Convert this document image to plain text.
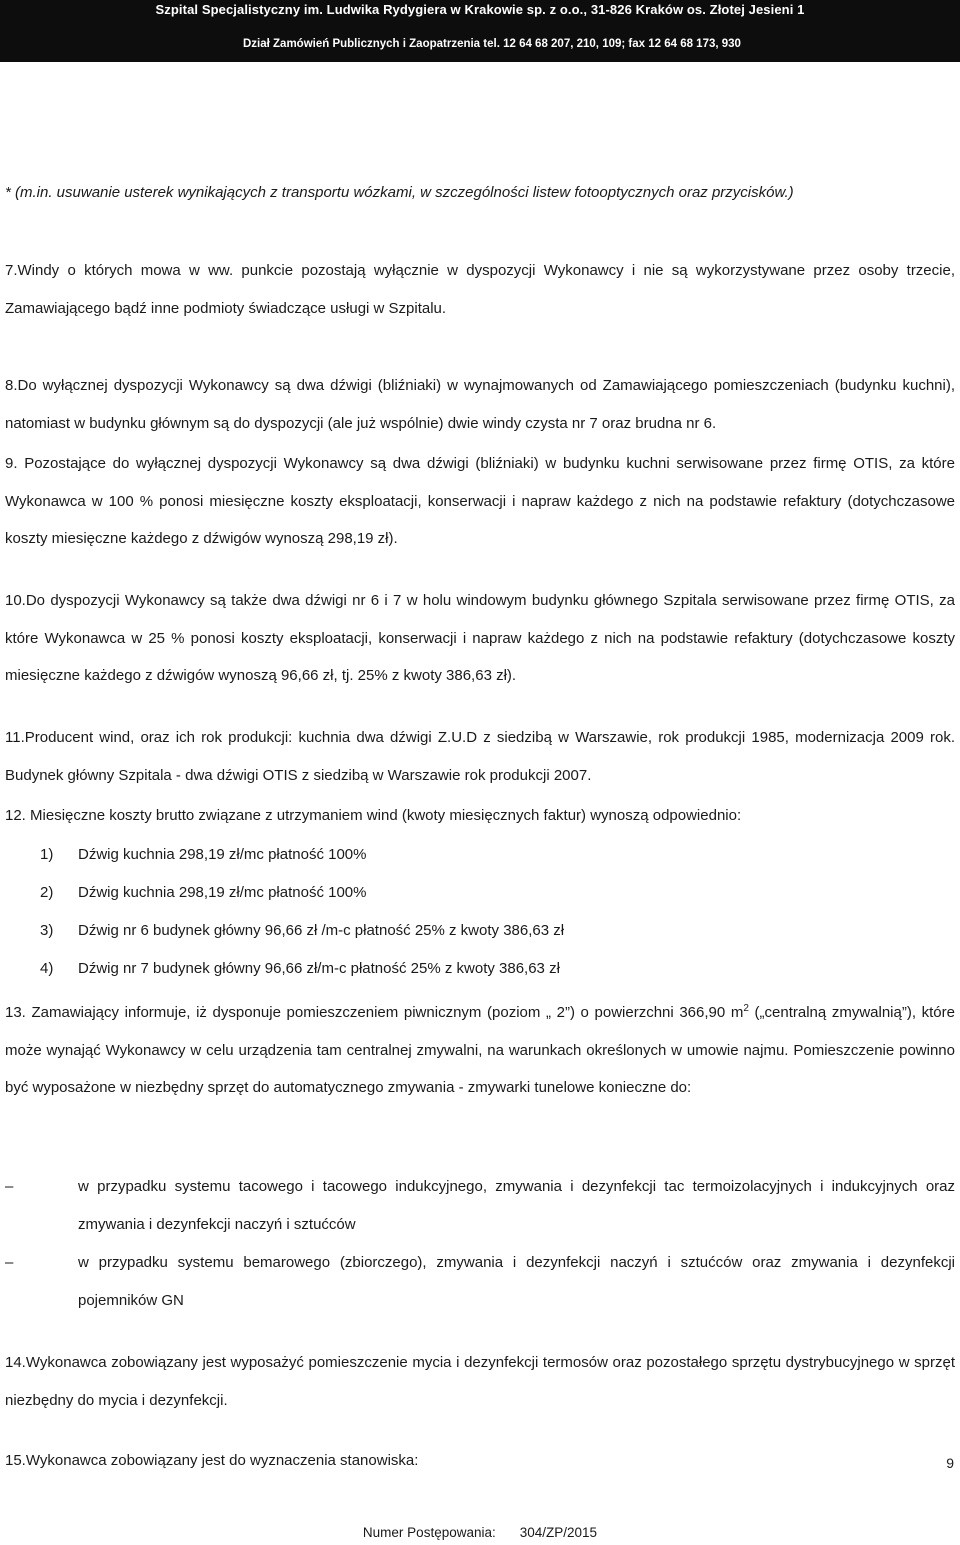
Szpital Specjalistyczny im. Ludwika Rydygiera w Krakowie sp. z o.o., 31-826 Kraków os. Złotej Jesieni 1
Dział Zamówień Publicznych i Zaopatrzenia tel. 12 64 68 207, 210, 109; fax 12 64 68 173, 930

* (m.in. usuwanie usterek wynikających z transportu wózkami, w szczególności listew fotooptycznych oraz przycisków.)

7.Windy o których mowa w ww. punkcie pozostają wyłącznie w dyspozycji Wykonawcy i nie są wykorzystywane przez osoby trzecie, Zamawiającego bądź inne podmioty świadczące usługi w Szpitalu.

8.Do wyłącznej dyspozycji Wykonawcy są dwa dźwigi (bliźniaki) w wynajmowanych od Zamawiającego pomieszczeniach (budynku kuchni), natomiast w budynku głównym są do dyspozycji (ale już wspólnie) dwie windy czysta nr 7 oraz brudna nr 6.

9. Pozostające do wyłącznej dyspozycji Wykonawcy są dwa dźwigi (bliźniaki) w budynku kuchni serwisowane przez firmę OTIS, za które Wykonawca w 100 % ponosi miesięczne koszty eksploatacji, konserwacji i napraw każdego z nich na podstawie refaktury (dotychczasowe koszty miesięczne każdego z dźwigów wynoszą 298,19 zł).

10.Do dyspozycji Wykonawcy są także dwa dźwigi nr 6 i 7 w holu windowym budynku głównego Szpitala serwisowane przez firmę OTIS, za które Wykonawca w 25 % ponosi koszty eksploatacji, konserwacji i napraw każdego z nich na podstawie refaktury (dotychczasowe koszty miesięczne każdego z dźwigów wynoszą 96,66 zł, tj. 25% z kwoty 386,63 zł).

11.Producent wind, oraz ich rok produkcji: kuchnia dwa dźwigi Z.U.D z siedzibą w Warszawie, rok produkcji 1985, modernizacja 2009 rok. Budynek główny Szpitala - dwa dźwigi OTIS z siedzibą w Warszawie rok produkcji 2007.

12. Miesięczne koszty brutto związane z utrzymaniem wind (kwoty miesięcznych faktur) wynoszą odpowiednio:

1) Dźwig kuchnia 298,19 zł/mc płatność 100%
2) Dźwig kuchnia 298,19 zł/mc płatność 100%
3) Dźwig nr 6 budynek główny 96,66 zł /m-c płatność 25% z kwoty 386,63 zł
4) Dźwig nr 7 budynek główny 96,66 zł/m-c płatność 25% z kwoty 386,63 zł

13. Zamawiający informuje, iż dysponuje pomieszczeniem piwnicznym (poziom „ 2”) o powierzchni 366,90 $m^2$ („centralną zmywalnią”), które może wynająć Wykonawcy w celu urządzenia tam centralnej zmywalni, na warunkach określonych w umowie najmu. Pomieszczenie powinno być wyposażone w niezbędny sprzęt do automatycznego zmywania - zmywarki tunelowe konieczne do:

–	w przypadku systemu tacowego i tacowego indukcyjnego, zmywania i dezynfekcji tac termoizolacyjnych i indukcyjnych oraz zmywania i dezynfekcji naczyń i sztućców

–	w przypadku systemu bemarowego (zbiorczego), zmywania i dezynfekcji naczyń i sztućców oraz zmywania i dezynfekcji pojemników GN

14.Wykonawca zobowiązany jest wyposażyć pomieszczenie mycia i dezynfekcji termosów oraz pozostałego sprzętu dystrybucyjnego w sprzęt niezbędny do mycia i dezynfekcji.

15.Wykonawca zobowiązany jest do wyznaczenia stanowiska:	9
Numer Postępowania: 304/ZP/2015
